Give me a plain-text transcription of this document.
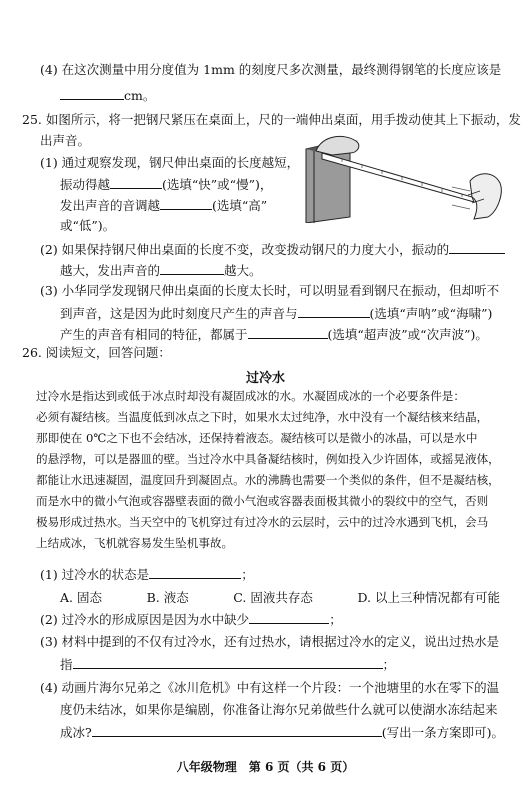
(4) 在这次测量中用分度值为 1mm 的刻度尺多次测量，最终测得钢笔的长度应该是
cm。
25. 如图所示，将一把钢尺紧压在桌面上，尺的一端伸出桌面，用手拨动使其上下振动，发
出声音。
(1) 通过观察发现，钢尺伸出桌面的长度越短，
振动得越	(选填“快”或“慢”)，
发出声音的音调越	(选填“高”
或“低”)。
(2) 如果保持钢尺伸出桌面的长度不变，改变拨动钢尺的力度大小，振动的
越大，发出声音的	越大。
(3) 小华同学发现钢尺伸出桌面的长度太长时，可以明显看到钢尺在振动，但却听不
到声音，这是因为此时刻度尺产生的声音与	(选填“声呐”或“海啸”)
产生的声音有相同的特征，都属于	(选填“超声波”或“次声波”)。
26. 阅读短文，回答问题：
过冷水
过冷水是指达到或低于冰点时却没有凝固成冰的水。水凝固成冰的一个必要条件是：
必须有凝结核。当温度低到冰点之下时，如果水太过纯净，水中没有一个凝结核来结晶，
那即使在 0℃之下也不会结冰，还保持着液态。凝结核可以是微小的冰晶，可以是水中
的悬浮物，可以是器皿的壁。当过冷水中具备凝结核时，例如投入少许固体，或摇晃液体，
都能让水迅速凝固，温度回升到凝固点。水的沸腾也需要一个类似的条件，但不是凝结核，
而是水中的微小气泡或容器壁表面的微小气泡或容器表面极其微小的裂纹中的空气，否则
极易形成过热水。当天空中的飞机穿过有过冷水的云层时，云中的过冷水遇到飞机，会马
上结成冰，飞机就容易发生坠机事故。
(1) 过冷水的状态是	；
A. 固态	B. 液态	C. 固液共存态	D. 以上三种情况都有可能
(2) 过冷水的形成原因是因为水中缺少	；
(3) 材料中提到的不仅有过冷水，还有过热水，请根据过冷水的定义，说出过热水是
指	；
(4) 动画片海尔兄弟之《冰川危机》中有这样一个片段：一个池塘里的水在零下的温
度仍未结冰，如果你是编剧，你准备让海尔兄弟做些什么就可以使湖水冻结起来
成冰?	(写出一条方案即可)。
八年级物理　第 6 页（共 6 页）
